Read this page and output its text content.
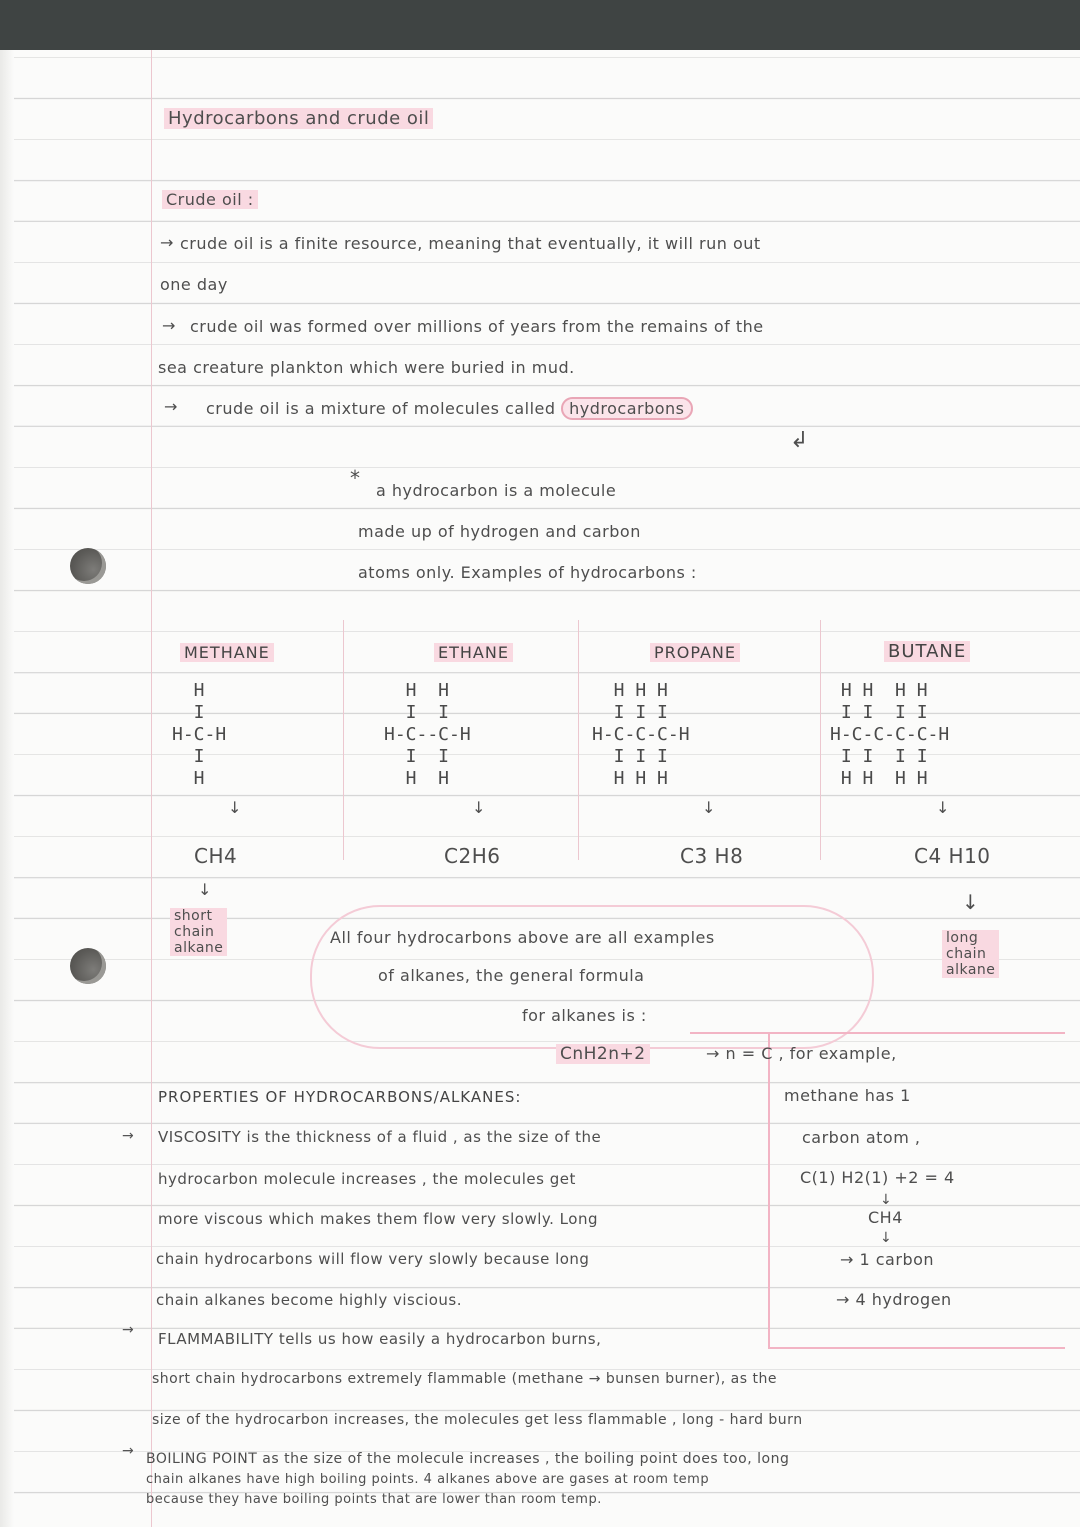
→
→
→
Hydrocarbons and crude oil
Crude oil :
→ crude oil is a finite resource, meaning that eventually, it will run out
one day
→ crude oil was formed over millions of years from the remains of the
sea creature plankton which were buried in mud.
→ crude oil is a mixture of molecules called hydrocarbons
↲
*
a hydrocarbon is a molecule
made up of hydrogen and carbon
atoms only. Examples of hydrocarbons :
METHANE
H
I
H-C-H
I
H
↓
CH4
↓
short
chain
alkane
ETHANE
H  H
I  I
H-C--C-H
I  I
H  H
↓
C2H6
PROPANE
H H H
I I I
H-C-C-C-H
I I I
H H H
↓
C3 H8
BUTANE
H H  H H
I I  I I
H-C-C-C-C-H
I I  I I
H H  H H
↓
C4 H10
↓
long
chain
alkane
All four hydrocarbons above are all examples
of alkanes, the general formula
for alkanes is :
CnH2n+2	→ n = C , for example,
methane has 1
carbon atom ,
C(1) H2(1) +2 = 4
↓
CH4
↓
→ 1 carbon
→ 4 hydrogen
PROPERTIES OF HYDROCARBONS/ALKANES:
VISCOSITY is the thickness of a fluid , as the size of the
hydrocarbon molecule increases , the molecules get
more viscous which makes them flow very slowly. Long
chain hydrocarbons will flow very slowly because long
chain alkanes become highly viscious.
FLAMMABILITY tells us how easily a hydrocarbon burns,
short chain hydrocarbons extremely flammable (methane → bunsen burner), as the
size of the hydrocarbon increases, the molecules get less flammable , long - hard burn
BOILING POINT as the size of the molecule increases , the boiling point does too, long
chain alkanes have high boiling points. 4 alkanes above are gases at room temp
because they have boiling points that are lower than room temp.
